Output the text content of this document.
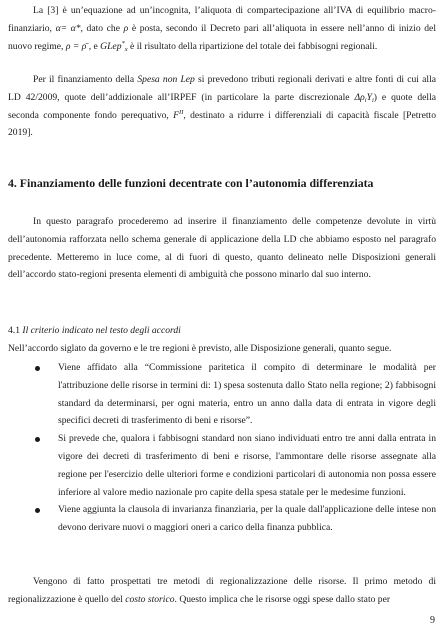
La [3] è un’equazione ad un’incognita, l’aliquota di compartecipazione all’IVA di equilibrio macro-finanziario, α= α*, dato che ρ è posta, secondo il Decreto pari all’aliquota in essere nell’anno di inizio del nuovo regime, ρ = ρ̄ , e GLep*$_x$ è il risultato della ripartizione del totale dei fabbisogni regionali.

Per il finanziamento della Spesa non Lep si prevedono tributi regionali derivati e altre fonti di cui alla LD 42/2009, quote dell’addizionale all’IRPEF (in particolare la parte discrezionale $\Delta\rho_iY_i$) e quote della seconda componente fondo perequativo, $F^{II}$, destinato a ridurre i differenziali di capacità fiscale [Petretto 2019].

4. Finanziamento delle funzioni decentrate con l’autonomia differenziata

In questo paragrafo procederemo ad inserire il finanziamento delle competenze devolute in virtù dell’autonomia rafforzata nello schema generale di applicazione della LD che abbiamo esposto nel paragrafo precedente. Metteremo in luce come, al di fuori di questo, quanto delineato nelle Disposizioni generali dell’accordo stato-regioni presenta elementi di ambiguità che possono minarlo dal suo interno.

4.1 Il criterio indicato nel testo degli accordi

Nell’accordo siglato da governo e le tre regioni è previsto, alle Disposizione generali, quanto segue.

Viene affidato alla “Commissione paritetica il compito di determinare le modalità per l'attribuzione delle risorse in termini di: 1) spesa sostenuta dallo Stato nella regione; 2) fabbisogni standard da determinarsi, per ogni materia, entro un anno dalla data di entrata in vigore degli specifici decreti di trasferimento di beni e risorse”.
Si prevede che, qualora i fabbisogni standard non siano individuati entro tre anni dalla entrata in vigore dei decreti di trasferimento di beni e risorse, l'ammontare delle risorse assegnate alla regione per l'esercizio delle ulteriori forme e condizioni particolari di autonomia non possa essere inferiore al valore medio nazionale pro capite della spesa statale per le medesime funzioni.
Viene aggiunta la clausola di invarianza finanziaria, per la quale dall'applicazione delle intese non devono derivare nuovi o maggiori oneri a carico della finanza pubblica.

Vengono di fatto prospettati tre metodi di regionalizzazione delle risorse. Il primo metodo di regionalizzazione è quello del costo storico. Questo implica che le risorse oggi spese dallo stato per

9
